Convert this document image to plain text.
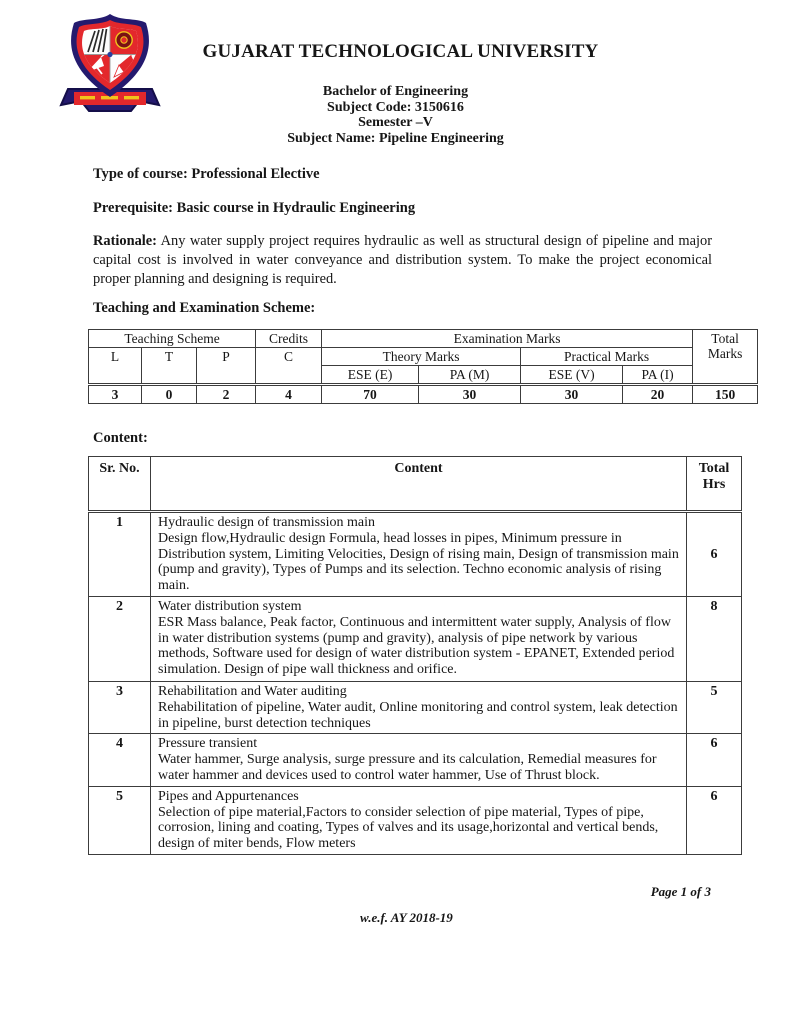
GUJARAT TECHNOLOGICAL UNIVERSITY
Bachelor of Engineering
Subject Code: 3150616
Semester –V
Subject Name: Pipeline Engineering
Type of course: Professional Elective
Prerequisite: Basic course in Hydraulic Engineering

Rationale: Any water supply project requires hydraulic as well as structural design of pipeline and major capital cost is involved in water conveyance and distribution system. To make the project economical proper planning and designing is required.

Teaching and Examination Scheme:
Teaching Scheme			Credits	Examination Marks				Total Marks
L	T	P	C	Theory Marks		Practical Marks		
				ESE (E)	PA (M)	ESE (V)	PA (I)	
3	0	2	4	70	30	30	20	150
Content:
Sr. No.	Content	Total Hrs
1	Hydraulic design of transmission main
Design flow,Hydraulic design Formula, head losses in pipes, Minimum pressure in Distribution system, Limiting Velocities, Design of rising main, Design of transmission main (pump and gravity), Types of Pumps and its selection. Techno economic analysis of rising main.	6
2	Water distribution system
ESR Mass balance, Peak factor, Continuous and intermittent water supply, Analysis of flow in water distribution systems (pump and gravity), analysis of pipe network by various methods, Software used for design of water distribution system - EPANET, Extended period simulation. Design of pipe wall thickness and orifice.	8
3	Rehabilitation and Water auditing
Rehabilitation of pipeline, Water audit, Online monitoring and control system, leak detection in pipeline, burst detection techniques	5
4	Pressure transient
Water hammer, Surge analysis, surge pressure and its calculation, Remedial measures for water hammer and devices used to control water hammer, Use of Thrust block.	6
5	Pipes and Appurtenances
Selection of pipe material,Factors to consider selection of pipe material, Types of pipe, corrosion, lining and coating, Types of valves and its usage,horizontal and vertical bends, design of miter bends, Flow meters	6
Page 1 of 3
w.e.f. AY 2018-19
